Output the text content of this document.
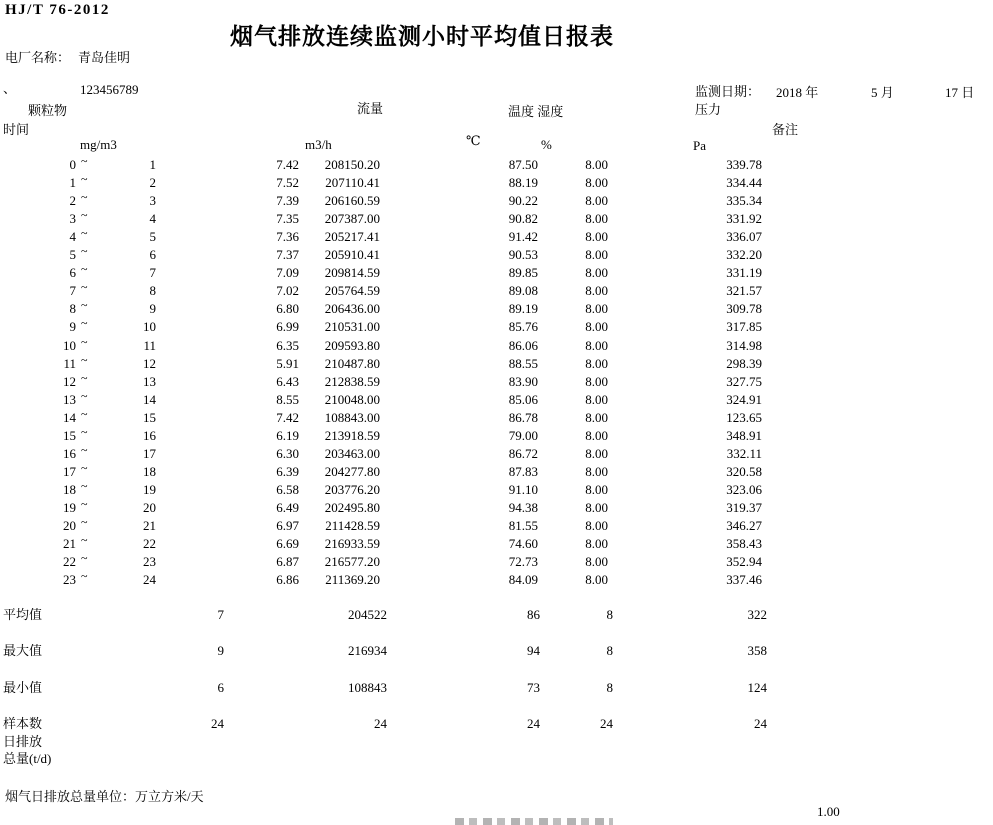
HJ/T 76-2012
烟气排放连续监测小时平均值日报表
电厂名称： 青岛佳明
、	123456789	监测日期： 2018 年	5 月	17 日
颗粒物
时间
流量	温度 湿度	压力
备注
mg/m3	m3/h	℃	%	Pa
0 ~	1	7.42	208150.20	87.50	8.00	339.78
1 ~	2	7.52	207110.41	88.19	8.00	334.44
2 ~	3	7.39	206160.59	90.22	8.00	335.34
3 ~	4	7.35	207387.00	90.82	8.00	331.92
4 ~	5	7.36	205217.41	91.42	8.00	336.07
5 ~	6	7.37	205910.41	90.53	8.00	332.20
6 ~	7	7.09	209814.59	89.85	8.00	331.19
7 ~	8	7.02	205764.59	89.08	8.00	321.57
8 ~	9	6.80	206436.00	89.19	8.00	309.78
9 ~	10	6.99	210531.00	85.76	8.00	317.85
10 ~	11	6.35	209593.80	86.06	8.00	314.98
11 ~	12	5.91	210487.80	88.55	8.00	298.39
12 ~	13	6.43	212838.59	83.90	8.00	327.75
13 ~	14	8.55	210048.00	85.06	8.00	324.91
14 ~	15	7.42	108843.00	86.78	8.00	123.65
15 ~	16	6.19	213918.59	79.00	8.00	348.91
16 ~	17	6.30	203463.00	86.72	8.00	332.11
17 ~	18	6.39	204277.80	87.83	8.00	320.58
18 ~	19	6.58	203776.20	91.10	8.00	323.06
19 ~	20	6.49	202495.80	94.38	8.00	319.37
20 ~	21	6.97	211428.59	81.55	8.00	346.27
21 ~	22	6.69	216933.59	74.60	8.00	358.43
22 ~	23	6.87	216577.20	72.73	8.00	352.94
23 ~	24	6.86	211369.20	84.09	8.00	337.46
平均值	7	204522	86	8	322
最大值	9	216934	94	8	358
最小值	6	108843	73	8	124
样本数	24	24	24	24	24
日排放
总量(t/d)
烟气日排放总量单位：万立方米/天
1.00
